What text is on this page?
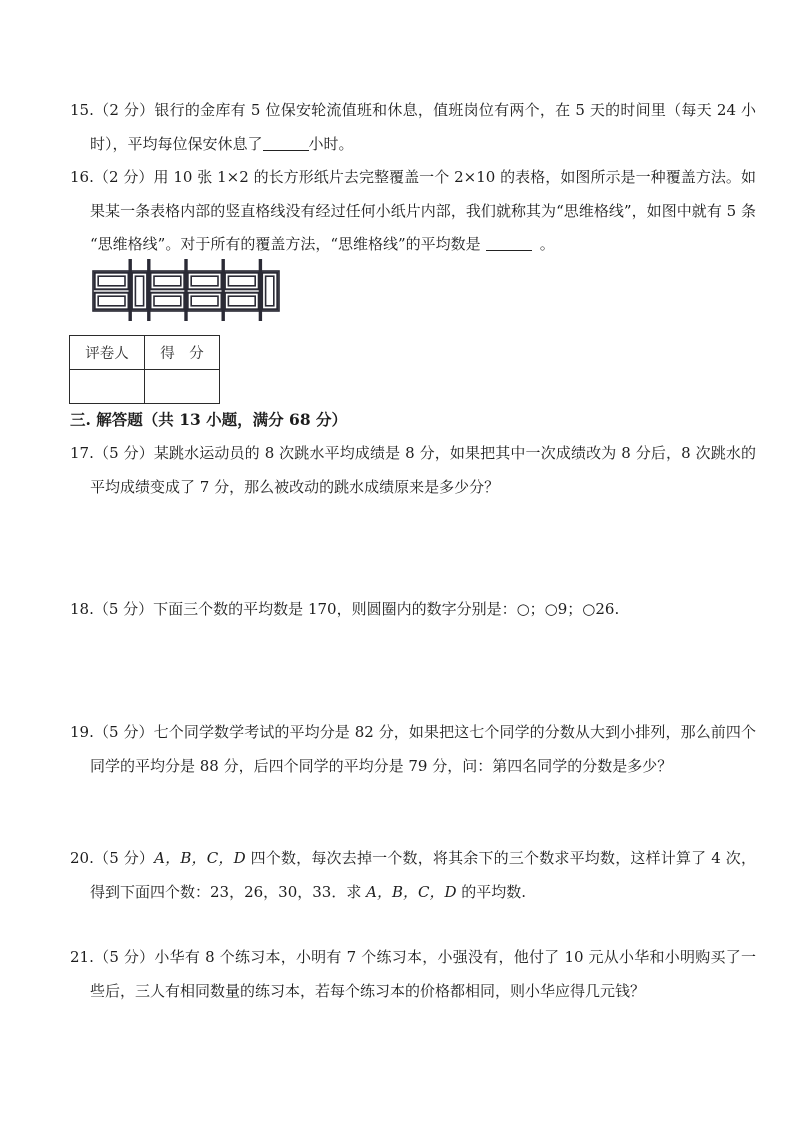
15.（2 分）银行的金库有 5 位保安轮流值班和休息，值班岗位有两个，在 5 天的时间里（每天 24 小时），平均每位保安休息了	小时。

16.（2 分）用 10 张 1×2 的长方形纸片去完整覆盖一个 2×10 的表格，如图所示是一种覆盖方法。如果某一条表格内部的竖直格线没有经过任何小纸片内部，我们就称其为“思维格线”，如图中就有 5 条“思维格线”。对于所有的覆盖方法，“思维格线”的平均数是	。

评卷人	得　分

三. 解答题（共 13 小题，满分 68 分）

17.（5 分）某跳水运动员的 8 次跳水平均成绩是 8 分，如果把其中一次成绩改为 8 分后，8 次跳水的平均成绩变成了 7 分，那么被改动的跳水成绩原来是多少分？

18.（5 分）下面三个数的平均数是 170，则圆圈内的数字分别是：○；○9；○26.

19.（5 分）七个同学数学考试的平均分是 82 分，如果把这七个同学的分数从大到小排列，那么前四个同学的平均分是 88 分，后四个同学的平均分是 79 分，问：第四名同学的分数是多少？

20.（5 分）A，B，C，D 四个数，每次去掉一个数，将其余下的三个数求平均数，这样计算了 4 次，得到下面四个数：23，26，30，33．求 A，B，C，D 的平均数.

21.（5 分）小华有 8 个练习本，小明有 7 个练习本，小强没有，他付了 10 元从小华和小明购买了一些后，三人有相同数量的练习本，若每个练习本的价格都相同，则小华应得几元钱？
